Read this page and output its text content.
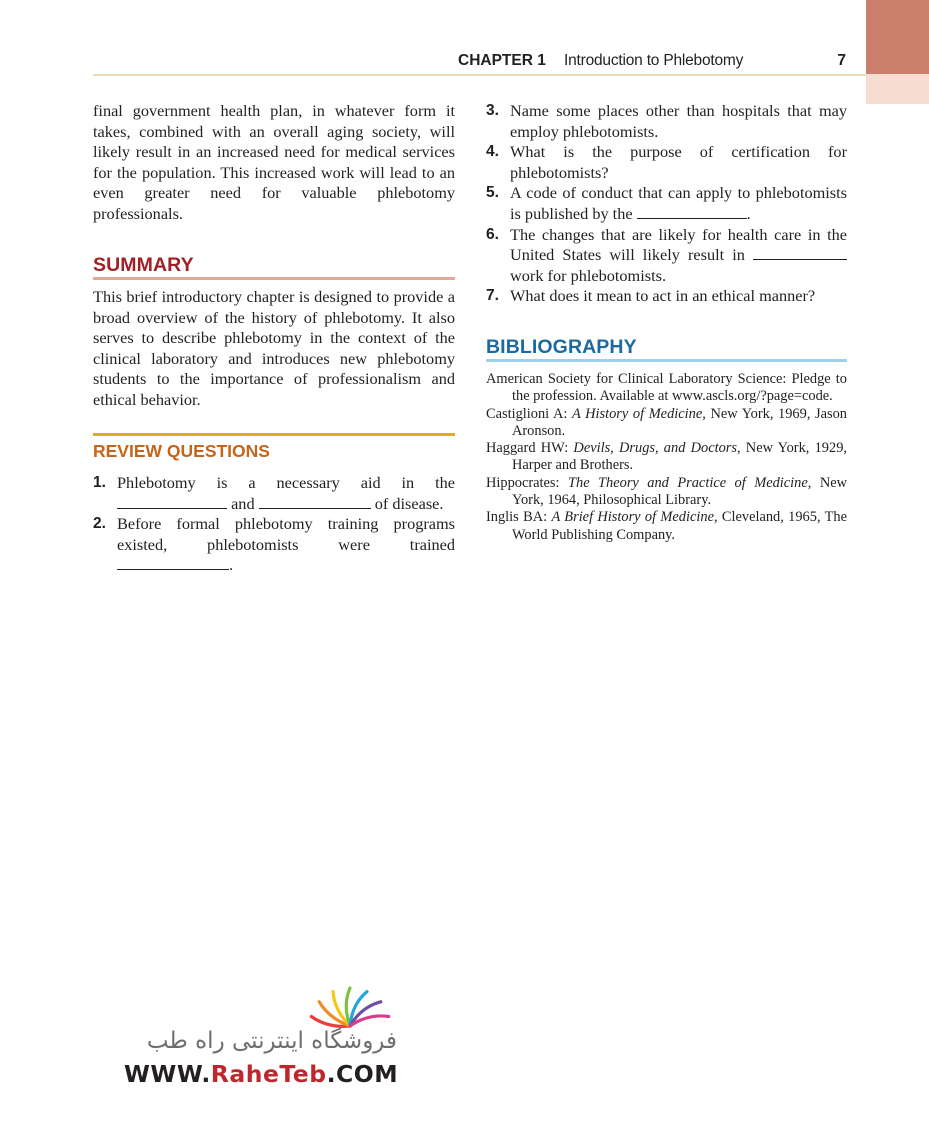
CHAPTER 1 Introduction to Phlebotomy	7

final government health plan, in whatever form it takes, combined with an overall aging society, will likely result in an increased need for medical services for the population. This increased work will lead to an even greater need for valuable phlebotomy professionals.

SUMMARY

This brief introductory chapter is designed to provide a broad overview of the history of phlebotomy. It also serves to describe phlebotomy in the context of the clinical laboratory and introduces new phlebotomy students to the importance of professionalism and ethical behavior.

REVIEW QUESTIONS
1. Phlebotomy is a necessary aid in the  and	of disease.
2. Before formal phlebotomy training programs existed, phlebotomists were trained .
3. Name some places other than hospitals that may employ phlebotomists.
4. What is the purpose of certification for phlebotomists?
5. A code of conduct that can apply to phlebotomists is published by the	.
6. The changes that are likely for health care in the United States will likely result in  work for phlebotomists.
7. What does it mean to act in an ethical manner?
BIBLIOGRAPHY
American Society for Clinical Laboratory Science: Pledge to the profession. Available at www.ascls.org/?page=code.
Castiglioni A: A History of Medicine, New York, 1969, Jason Aronson.
Haggard HW: Devils, Drugs, and Doctors, New York, 1929, Harper and Brothers.
Hippocrates: The Theory and Practice of Medicine, New York, 1964, Philosophical Library.
Inglis BA: A Brief History of Medicine, Cleveland, 1965, The World Publishing Company.
فروشگاه اینترنتی راه طب
WWW.RaheTeb.COM
